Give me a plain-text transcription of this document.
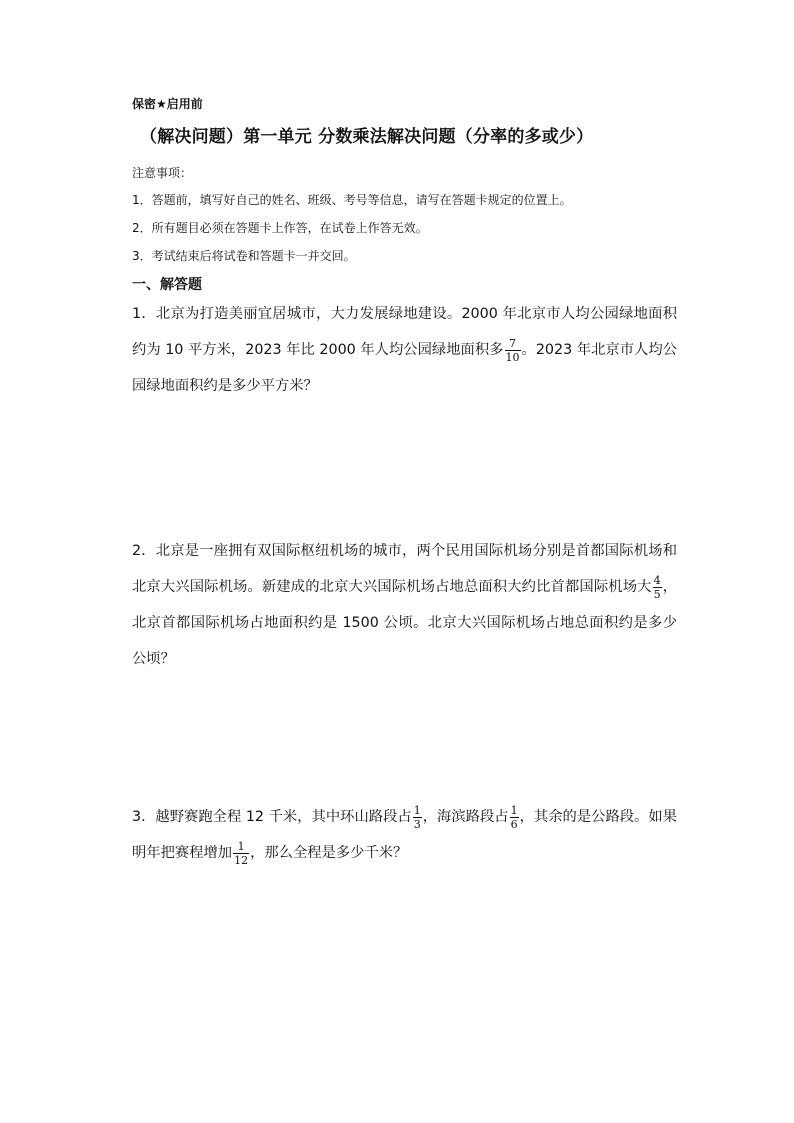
保密★启用前
（解决问题）第一单元 分数乘法解决问题（分率的多或少）
注意事项：
1．答题前，填写好自己的姓名、班级、考号等信息，请写在答题卡规定的位置上。
2．所有题目必须在答题卡上作答，在试卷上作答无效。
3．考试结束后将试卷和答题卡一并交回。
一、解答题

1．北京为打造美丽宜居城市，大力发展绿地建设。2000 年北京市人均公园绿地面积约为 10 平方米，2023 年比 2000 年人均公园绿地面积多 $\frac{7}{10}$ 。2023 年北京市人均公园绿地面积约是多少平方米？

2．北京是一座拥有双国际枢纽机场的城市，两个民用国际机场分别是首都国际机场和北京大兴国际机场。新建成的北京大兴国际机场占地总面积大约比首都国际机场大 $\frac{4}{5}$ ，北京首都国际机场占地面积约是 1500 公顷。北京大兴国际机场占地总面积约是多少公顷？

3．越野赛跑全程 12 千米，其中环山路段占 $\frac{1}{3}$ ，海滨路段占 $\frac{1}{6}$ ，其余的是公路段。如果明年把赛程增加 $\frac{1}{12}$ ，那么全程是多少千米？
